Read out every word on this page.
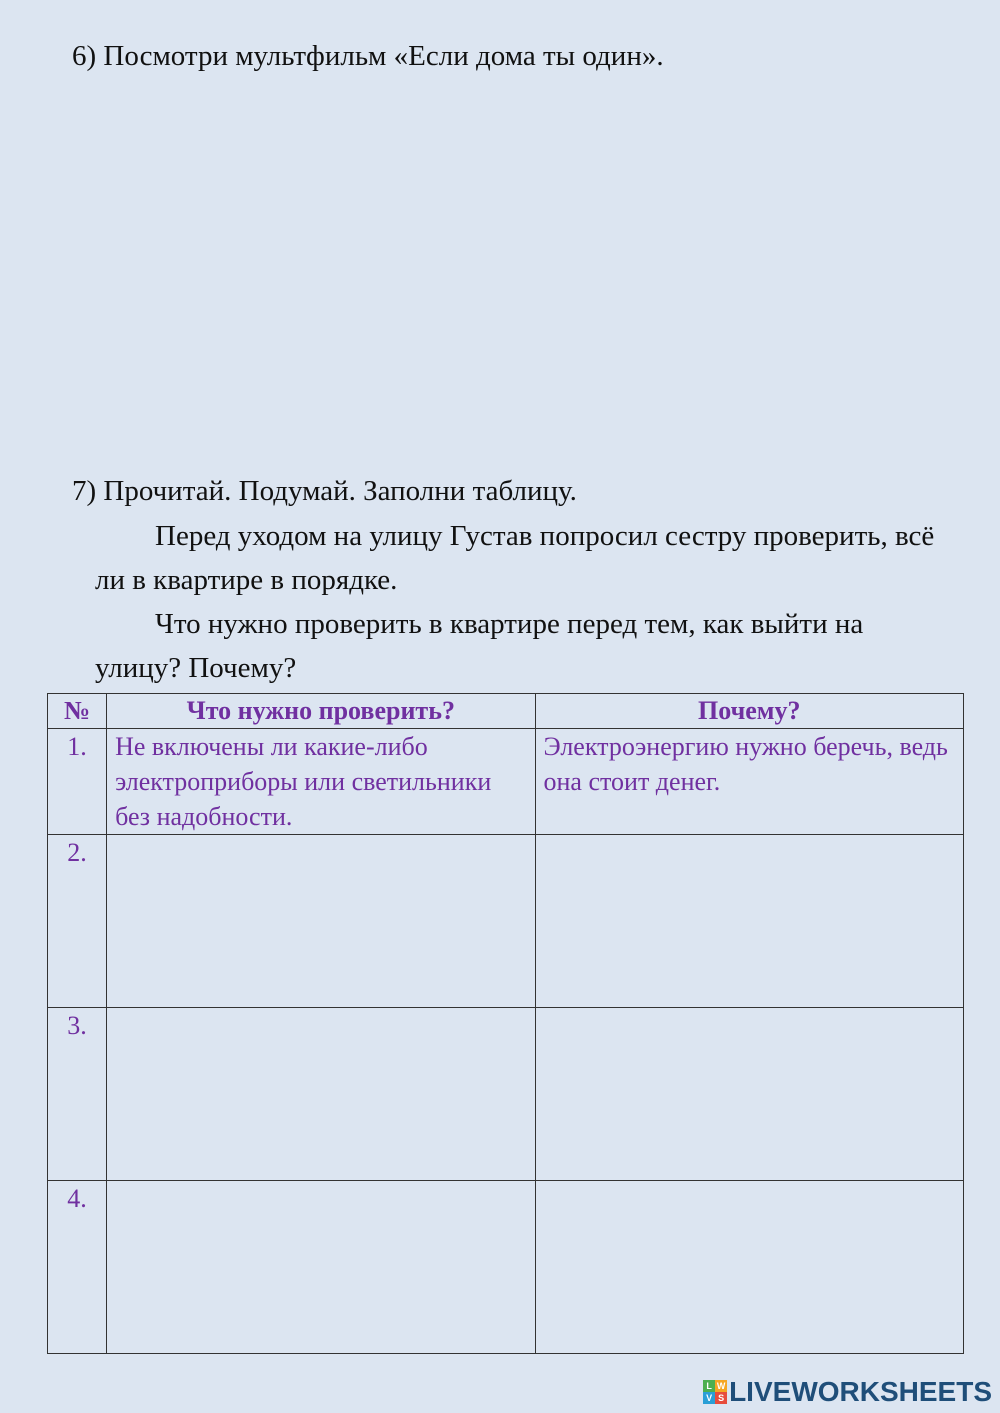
6) Посмотри мультфильм «Если дома ты один».
7) Прочитай. Подумай. Заполни таблицу.

Перед уходом на улицу Густав попросил сестру проверить, всё ли в квартире в порядке.

Что нужно проверить в квартире перед тем, как выйти на улицу? Почему?

№	Что нужно проверить?	Почему?
1.	Не включены ли какие-либо электроприборы или светильники без надобности.	Электроэнергию нужно беречь, ведь она стоит денег.
2.		
3.		
4.		
L W
V S LIVEWORKSHEETS
